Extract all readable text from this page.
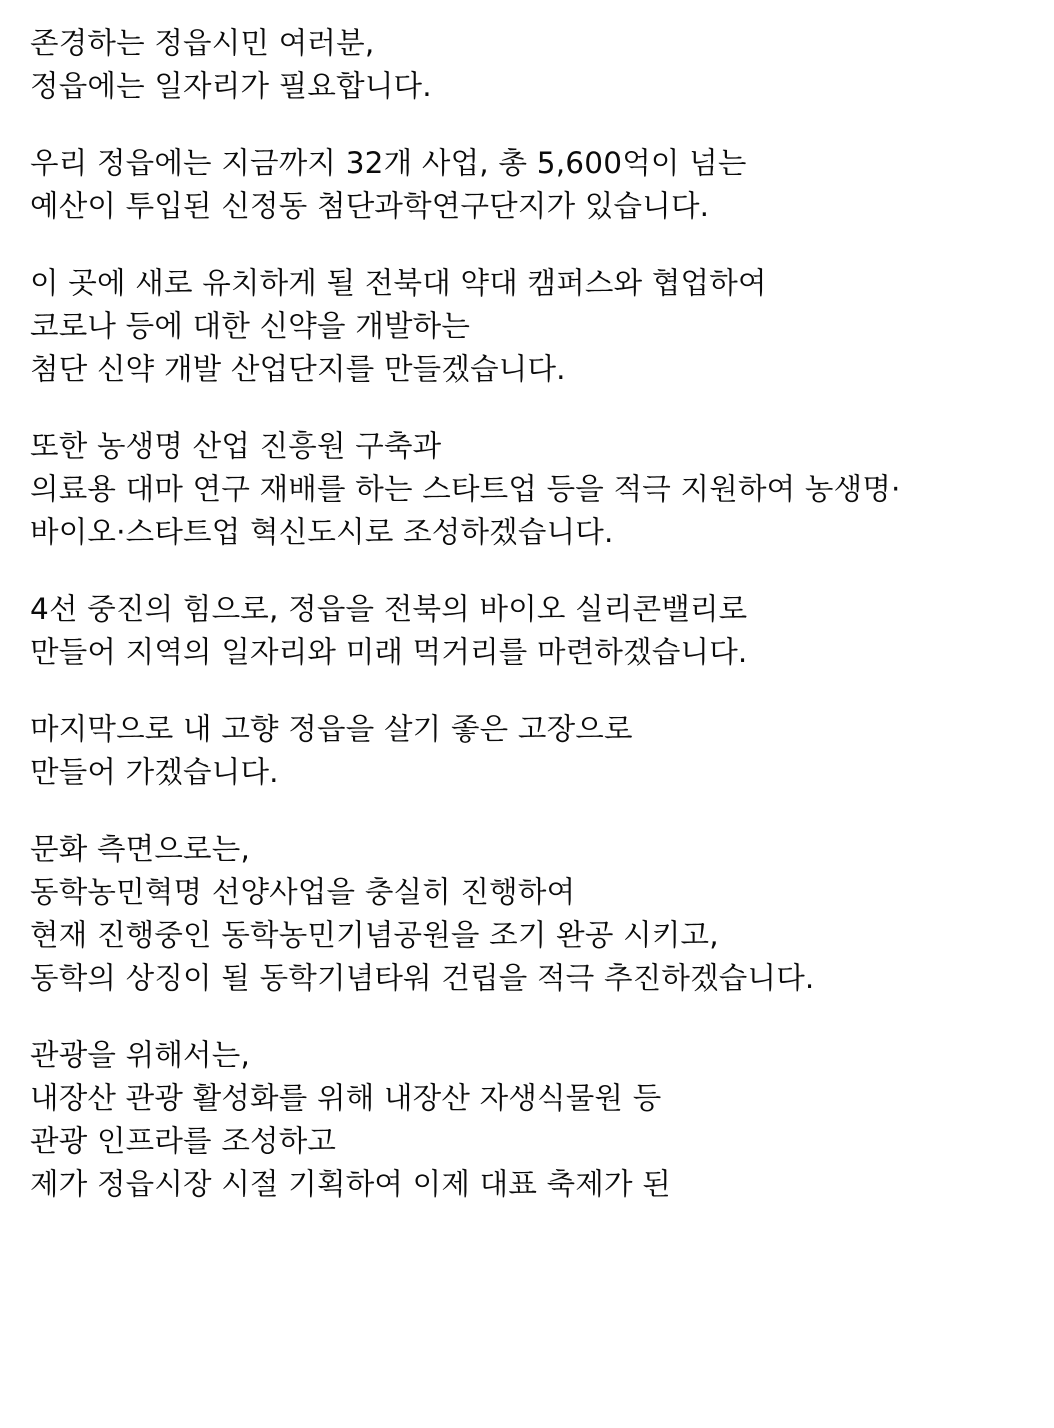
존경하는 정읍시민 여러분,
정읍에는 일자리가 필요합니다.
우리 정읍에는 지금까지 32개 사업, 총 5,600억이 넘는
예산이 투입된 신정동 첨단과학연구단지가 있습니다.
이 곳에 새로 유치하게 될 전북대 약대 캠퍼스와 협업하여
코로나 등에 대한 신약을 개발하는
첨단 신약 개발 산업단지를 만들겠습니다.
또한 농생명 산업 진흥원 구축과
의료용 대마 연구 재배를 하는 스타트업 등을 적극 지원하여 농생명·
바이오·스타트업 혁신도시로 조성하겠습니다.
4선 중진의 힘으로, 정읍을 전북의 바이오 실리콘밸리로
만들어 지역의 일자리와 미래 먹거리를 마련하겠습니다.
마지막으로 내 고향 정읍을 살기 좋은 고장으로
만들어 가겠습니다.
문화 측면으로는,
동학농민혁명 선양사업을 충실히 진행하여
현재 진행중인 동학농민기념공원을 조기 완공 시키고,
동학의 상징이 될 동학기념타워 건립을 적극 추진하겠습니다.
관광을 위해서는,
내장산 관광 활성화를 위해 내장산 자생식물원 등
관광 인프라를 조성하고
제가 정읍시장 시절 기획하여 이제 대표 축제가 된
